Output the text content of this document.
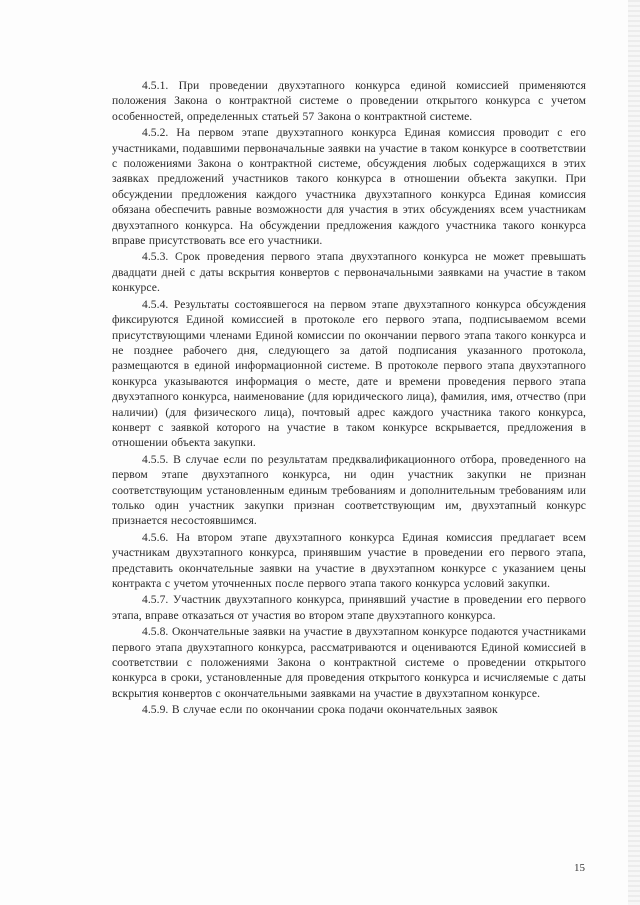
4.5.1. При проведении двухэтапного конкурса единой комиссией применяются положения Закона о контрактной системе о проведении открытого конкурса с учетом особенностей, определенных статьей 57 Закона о контрактной системе.

4.5.2. На первом этапе двухэтапного конкурса Единая комиссия проводит с его участниками, подавшими первоначальные заявки на участие в таком конкурсе в соответствии с положениями Закона о контрактной системе, обсуждения любых содержащихся в этих заявках предложений участников такого конкурса в отношении объекта закупки. При обсуждении предложения каждого участника двухэтапного конкурса Единая комиссия обязана обеспечить равные возможности для участия в этих обсуждениях всем участникам двухэтапного конкурса. На обсуждении предложения каждого участника такого конкурса вправе присутствовать все его участники.

4.5.3. Срок проведения первого этапа двухэтапного конкурса не может превышать двадцати дней с даты вскрытия конвертов с первоначальными заявками на участие в таком конкурсе.

4.5.4. Результаты состоявшегося на первом этапе двухэтапного конкурса обсуждения фиксируются Единой комиссией в протоколе его первого этапа, подписываемом всеми присутствующими членами Единой комиссии по окончании первого этапа такого конкурса и не позднее рабочего дня, следующего за датой подписания указанного протокола, размещаются в единой информационной системе. В протоколе первого этапа двухэтапного конкурса указываются информация о месте, дате и времени проведения первого этапа двухэтапного конкурса, наименование (для юридического лица), фамилия, имя, отчество (при наличии) (для физического лица), почтовый адрес каждого участника такого конкурса, конверт с заявкой которого на участие в таком конкурсе вскрывается, предложения в отношении объекта закупки.

4.5.5. В случае если по результатам предквалификационного отбора, проведенного на первом этапе двухэтапного конкурса, ни один участник закупки не признан соответствующим установленным единым требованиям и дополнительным требованиям или только один участник закупки признан соответствующим им, двухэтапный конкурс признается несостоявшимся.

4.5.6. На втором этапе двухэтапного конкурса Единая комиссия предлагает всем участникам двухэтапного конкурса, принявшим участие в проведении его первого этапа, представить окончательные заявки на участие в двухэтапном конкурсе с указанием цены контракта с учетом уточненных после первого этапа такого конкурса условий закупки.

4.5.7. Участник двухэтапного конкурса, принявший участие в проведении его первого этапа, вправе отказаться от участия во втором этапе двухэтапного конкурса.

4.5.8. Окончательные заявки на участие в двухэтапном конкурсе подаются участниками первого этапа двухэтапного конкурса, рассматриваются и оцениваются Единой комиссией в соответствии с положениями Закона о контрактной системе о проведении открытого конкурса в сроки, установленные для проведения открытого конкурса и исчисляемые с даты вскрытия конвертов с окончательными заявками на участие в двухэтапном конкурсе.

4.5.9. В случае если по окончании срока подачи окончательных заявок

15
